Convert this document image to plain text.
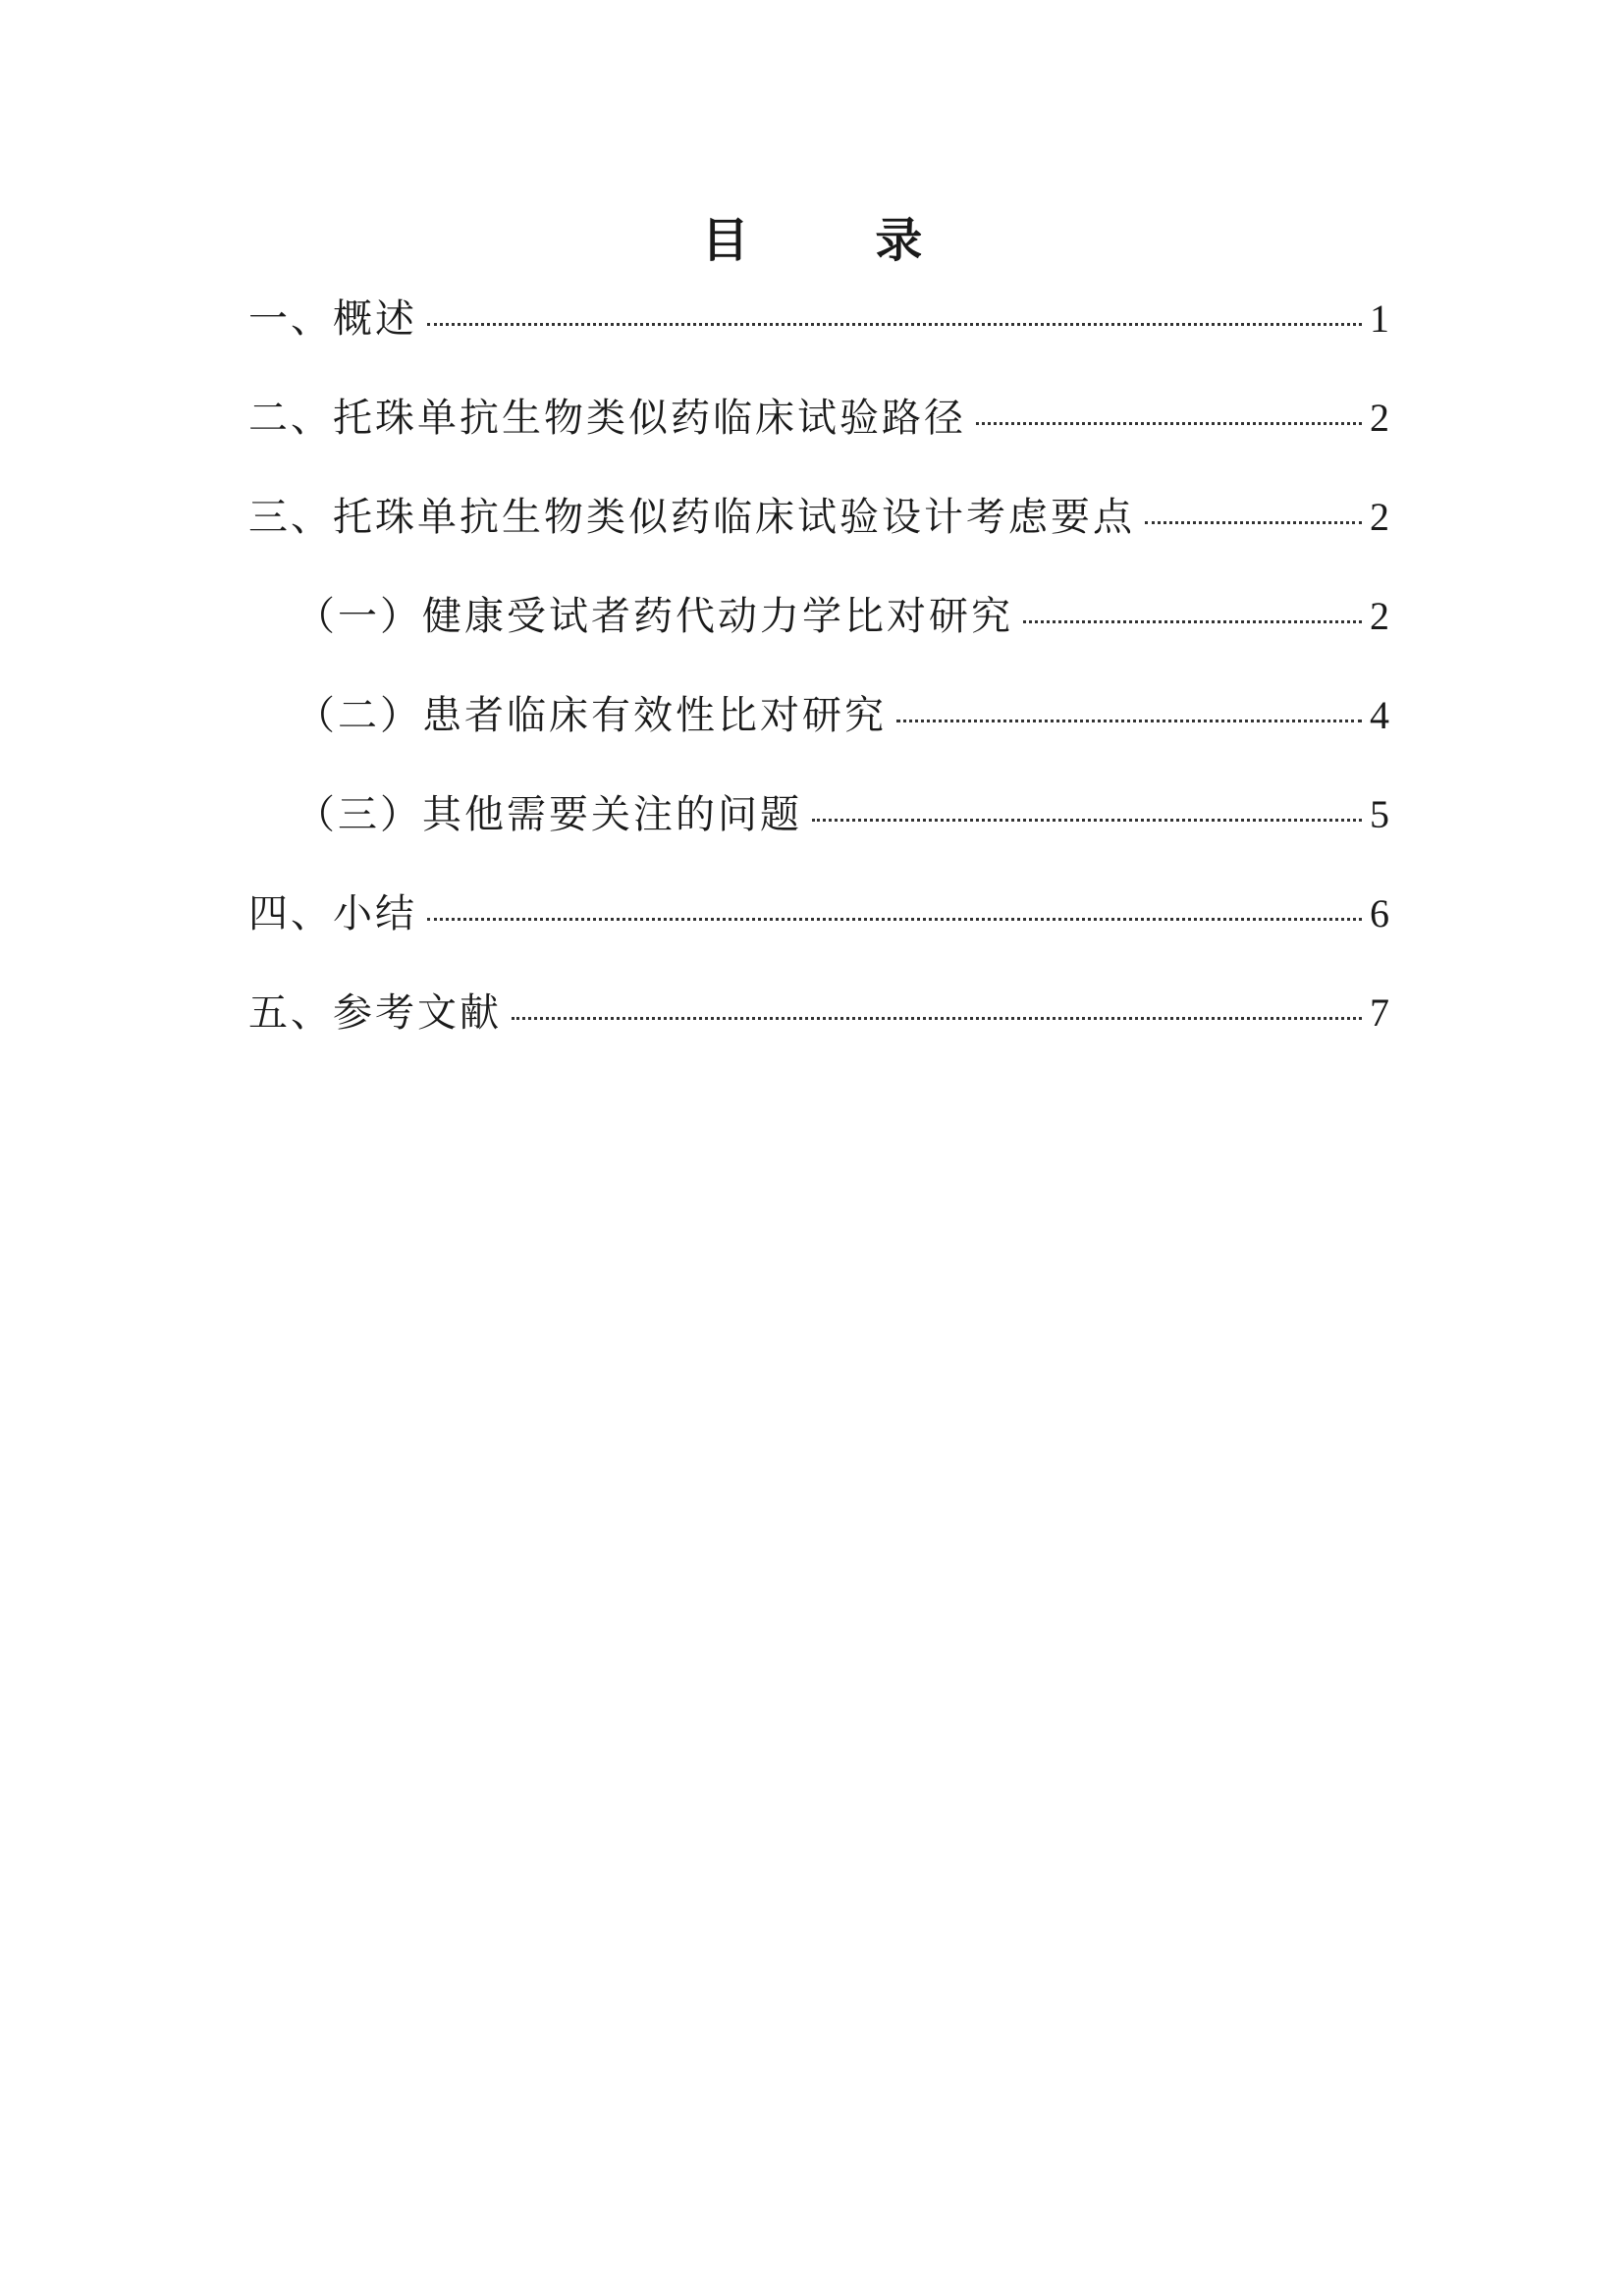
目 录
一、概述	1
二、托珠单抗生物类似药临床试验路径	2
三、托珠单抗生物类似药临床试验设计考虑要点	2
（一）健康受试者药代动力学比对研究	2
（二）患者临床有效性比对研究	4
（三）其他需要关注的问题	5
四、小结	6
五、参考文献	7
